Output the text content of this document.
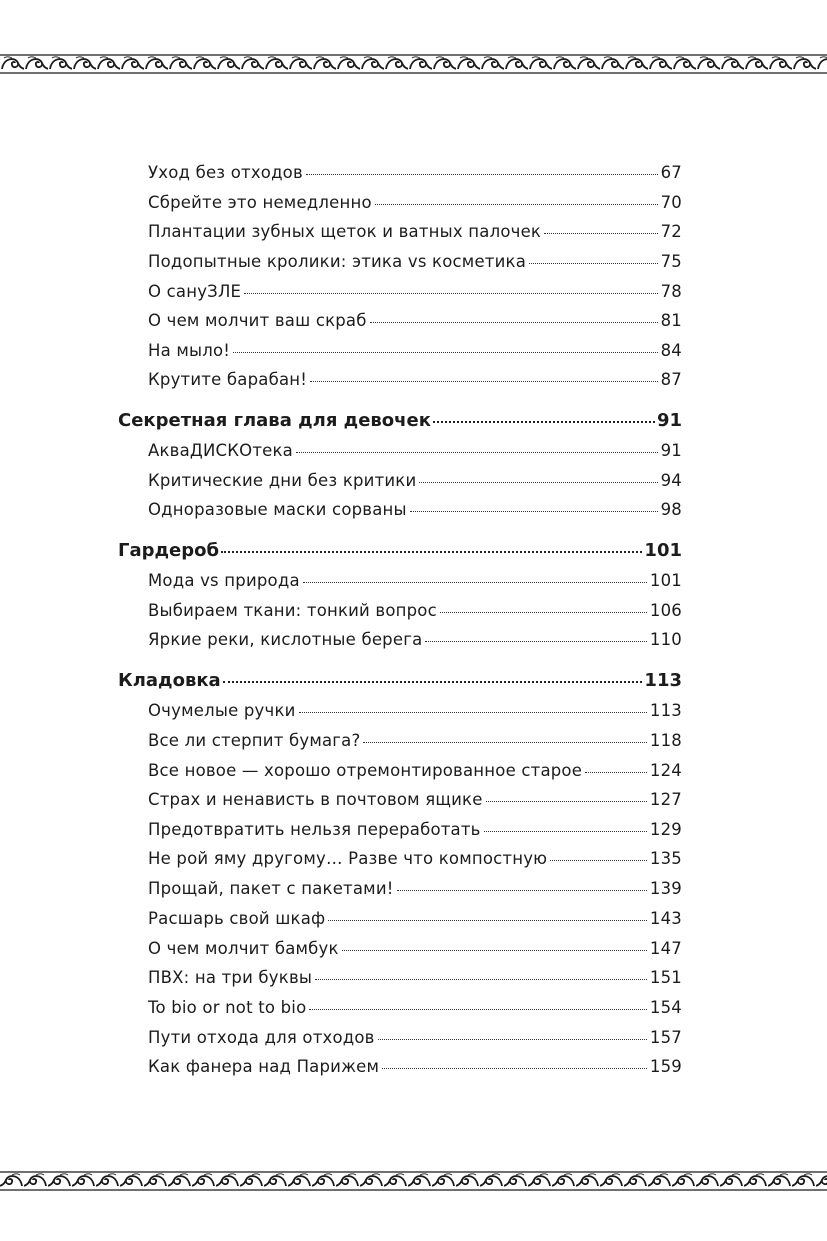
Уход без отходов	67
Сбрейте это немедленно	70
Плантации зубных щеток и ватных палочек	72
Подопытные кролики: этика vs косметика	75
О сануЗЛЕ	78
О чем молчит ваш скраб	81
На мыло!	84
Крутите барабан!	87
Секретная глава для девочек	91
АкваДИСКОтека	91
Критические дни без критики	94
Одноразовые маски сорваны	98
Гардероб	101
Мода vs природа	101
Выбираем ткани: тонкий вопрос	106
Яркие реки, кислотные берега	110
Кладовка	113
Очумелые ручки	113
Все ли стерпит бумага?	118
Все новое — хорошо отремонтированное старое	124
Страх и ненависть в почтовом ящике	127
Предотвратить нельзя переработать	129
Не рой яму другому… Разве что компостную	135
Прощай, пакет с пакетами!	139
Расшарь свой шкаф	143
О чем молчит бамбук	147
ПВХ: на три буквы	151
To bio or not to bio	154
Пути отхода для отходов	157
Как фанера над Парижем	159
